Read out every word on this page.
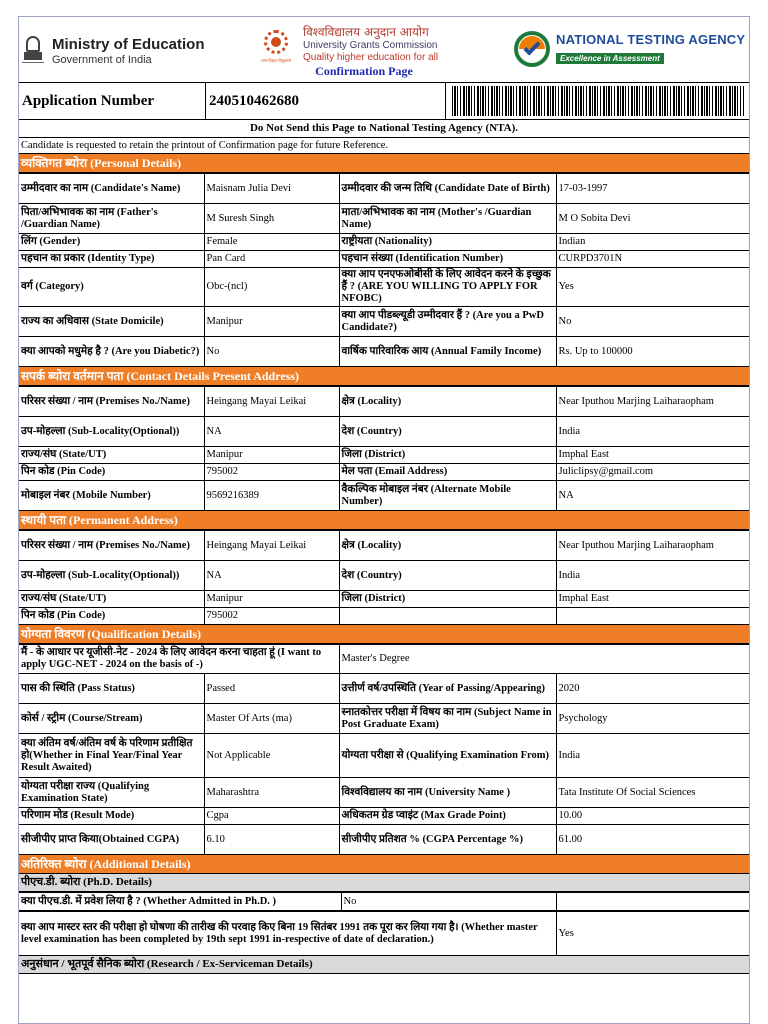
Ministry of Education
Government of India	ज्ञान-विज्ञान विमुक्तये
विश्वविद्यालय अनुदान आयोग
University Grants Commission
Quality higher education for all
Confirmation Page
NATIONAL TESTING AGENCY
Excellence in Assessment
Application Number	240510462680
Do Not Send this Page to National Testing Agency (NTA).
Candidate is requested to retain the printout of Confirmation page for future Reference.
व्यक्तिगत ब्योरा (Personal Details)
उम्मीदवार का नाम (Candidate's Name)	Maisnam Julia Devi	उम्मीदवार की जन्म तिथि (Candidate Date of Birth)	17-03-1997
पिता/अभिभावक का नाम (Father's /Guardian Name)	M Suresh Singh	माता/अभिभावक का नाम (Mother's /Guardian Name)	M O Sobita Devi
लिंग (Gender)	Female	राष्ट्रीयता (Nationality)	Indian
पहचान का प्रकार (Identity Type)	Pan Card	पहचान संख्या (Identification Number)	CURPD3701N
वर्ग (Category)	Obc-(ncl)	क्या आप एनएफओबीसी के लिए आवेदन करने के इच्छुक हैं ? (ARE YOU WILLING TO APPLY FOR NFOBC)	Yes
राज्य का अधिवास (State Domicile)	Manipur	क्या आप पीडब्ल्यूडी उम्मीदवार हैं ? (Are you a PwD Candidate?)	No
क्या आपको मधुमेह है ? (Are you Diabetic?)	No	वार्षिक पारिवारिक आय (Annual Family Income)	Rs. Up to 100000
सपर्क ब्योरा वर्तमान पता (Contact Details Present Address)
परिसर संख्या / नाम (Premises No./Name)	Heingang Mayai Leikai	क्षेत्र (Locality)	Near Iputhou Marjing Laiharaopham
उप-मोहल्ला (Sub-Locality(Optional))	NA	देश (Country)	India
राज्य/संघ (State/UT)	Manipur	जिला (District)	Imphal East
पिन कोड (Pin Code)	795002	मेल पता (Email Address)	Juliclipsy@gmail.com
मोबाइल नंबर (Mobile Number)	9569216389	वैकल्पिक मोबाइल नंबर (Alternate Mobile Number)	NA
स्थायी पता (Permanent Address)
परिसर संख्या / नाम (Premises No./Name)	Heingang Mayai Leikai	क्षेत्र (Locality)	Near Iputhou Marjing Laiharaopham
उप-मोहल्ला (Sub-Locality(Optional))	NA	देश (Country)	India
राज्य/संघ (State/UT)	Manipur	जिला (District)	Imphal East
पिन कोड (Pin Code)	795002		
योग्यता विवरण (Qualification Details)
मैं - के आधार पर यूजीसी-नेट - 2024 के लिए आवेदन करना चाहता हूं (I want to apply UGC-NET - 2024 on the basis of -)		Master's Degree	
पास की स्थिति (Pass Status)	Passed	उत्तीर्ण वर्ष/उपस्थिति (Year of Passing/Appearing)	2020
कोर्स / स्ट्रीम (Course/Stream)	Master Of Arts (ma)	स्नातकोत्तर परीक्षा में विषय का नाम (Subject Name in Post Graduate Exam)	Psychology
क्या अंतिम वर्ष/अंतिम वर्ष के परिणाम प्रतीक्षित हो(Whether in Final Year/Final Year Result Awaited)	Not Applicable	योग्यता परीक्षा से (Qualifying Examination From)	India
योग्यता परीक्षा राज्य (Qualifying Examination State)	Maharashtra	विश्वविद्यालय का नाम (University Name )	Tata Institute Of Social Sciences
परिणाम मोड (Result Mode)	Cgpa	अधिकतम ग्रेड प्वाइंट (Max Grade Point)	10.00
सीजीपीए प्राप्त किया(Obtained CGPA)	6.10	सीजीपीए प्रतिशत % (CGPA Percentage %)	61.00
अतिरिक्त ब्योरा (Additional Details)
पीएच.डी. ब्योरा (Ph.D. Details)
क्या पीएच.डी. में प्रवेश लिया है ? (Whether Admitted in Ph.D. )	No	
क्या आप मास्टर स्तर की परीक्षा हो घोषणा की तारीख की परवाह किए बिना 19 सितंबर 1991 तक पूरा कर लिया गया है। (Whether master level examination has been completed by 19th sept 1991 in-respective of date of declaration.)	Yes
अनुसंधान / भूतपूर्व सैनिक ब्योरा (Research / Ex-Serviceman Details)
